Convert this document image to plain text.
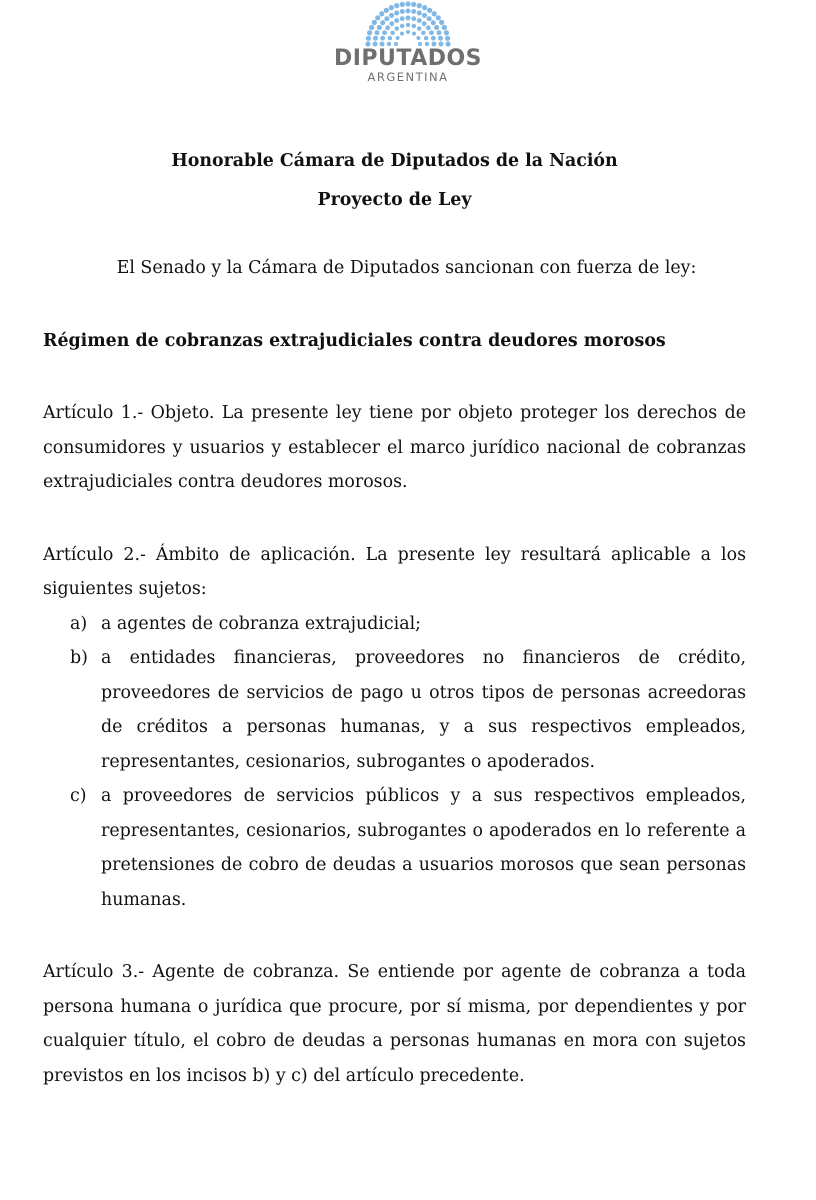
DIPUTADOS
ARGENTINA

Honorable Cámara de Diputados de la Nación

Proyecto de Ley

El Senado y la Cámara de Diputados sancionan con fuerza de ley:

Régimen de cobranzas extrajudiciales contra deudores morosos

Artículo 1.- Objeto. La presente ley tiene por objeto proteger los derechos de consumidores y usuarios y establecer el marco jurídico nacional de cobranzas extrajudiciales contra deudores morosos.

Artículo 2.- Ámbito de aplicación. La presente ley resultará aplicable a los siguientes sujetos:

a) a agentes de cobranza extrajudicial;
b) a entidades financieras, proveedores no financieros de crédito, proveedores de servicios de pago u otros tipos de personas acreedoras de créditos a personas humanas, y a sus respectivos empleados, representantes, cesionarios, subrogantes o apoderados.
c) a proveedores de servicios públicos y a sus respectivos empleados, representantes, cesionarios, subrogantes o apoderados en lo referente a pretensiones de cobro de deudas a usuarios morosos que sean personas humanas.

Artículo 3.- Agente de cobranza. Se entiende por agente de cobranza a toda persona humana o jurídica que procure, por sí misma, por dependientes y por cualquier título, el cobro de deudas a personas humanas en mora con sujetos previstos en los incisos b) y c) del artículo precedente.
